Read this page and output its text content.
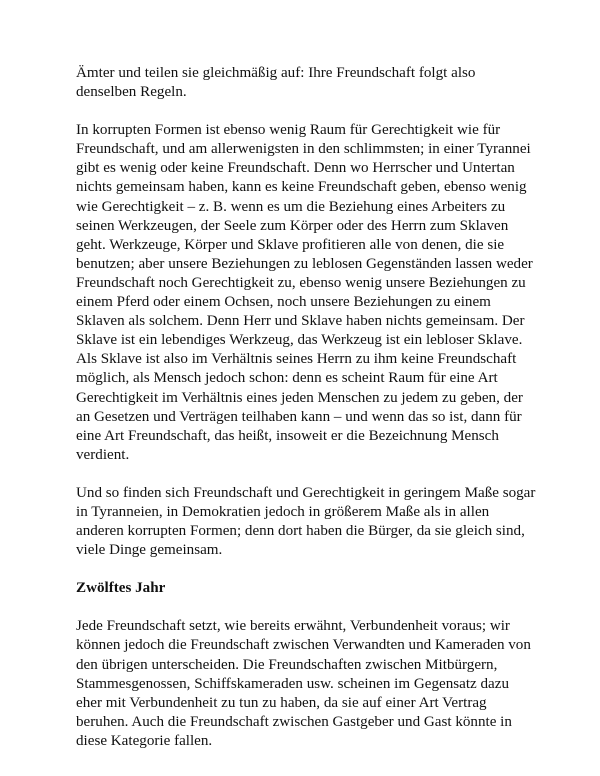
Ämter und teilen sie gleichmäßig auf: Ihre Freundschaft folgt also denselben Regeln.

In korrupten Formen ist ebenso wenig Raum für Gerechtigkeit wie für Freundschaft, und am allerwenigsten in den schlimmsten; in einer Tyrannei gibt es wenig oder keine Freundschaft. Denn wo Herrscher und Untertan nichts gemeinsam haben, kann es keine Freundschaft geben, ebenso wenig wie Gerechtigkeit – z. B. wenn es um die Beziehung eines Arbeiters zu seinen Werkzeugen, der Seele zum Körper oder des Herrn zum Sklaven geht. Werkzeuge, Körper und Sklave profitieren alle von denen, die sie benutzen; aber unsere Beziehungen zu leblosen Gegenständen lassen weder Freundschaft noch Gerechtigkeit zu, ebenso wenig unsere Beziehungen zu einem Pferd oder einem Ochsen, noch unsere Beziehungen zu einem Sklaven als solchem. Denn Herr und Sklave haben nichts gemeinsam. Der Sklave ist ein lebendiges Werkzeug, das Werkzeug ist ein lebloser Sklave. Als Sklave ist also im Verhältnis seines Herrn zu ihm keine Freundschaft möglich, als Mensch jedoch schon: denn es scheint Raum für eine Art Gerechtigkeit im Verhältnis eines jeden Menschen zu jedem zu geben, der an Gesetzen und Verträgen teilhaben kann – und wenn das so ist, dann für eine Art Freundschaft, das heißt, insoweit er die Bezeichnung Mensch verdient.

Und so finden sich Freundschaft und Gerechtigkeit in geringem Maße sogar in Tyranneien, in Demokratien jedoch in größerem Maße als in allen anderen korrupten Formen; denn dort haben die Bürger, da sie gleich sind, viele Dinge gemeinsam.

Zwölftes Jahr

Jede Freundschaft setzt, wie bereits erwähnt, Verbundenheit voraus; wir können jedoch die Freundschaft zwischen Verwandten und Kameraden von den übrigen unterscheiden. Die Freundschaften zwischen Mitbürgern, Stammesgenossen, Schiffskameraden usw. scheinen im Gegensatz dazu eher mit Verbundenheit zu tun zu haben, da sie auf einer Art Vertrag beruhen. Auch die Freundschaft zwischen Gastgeber und Gast könnte in diese Kategorie fallen.
